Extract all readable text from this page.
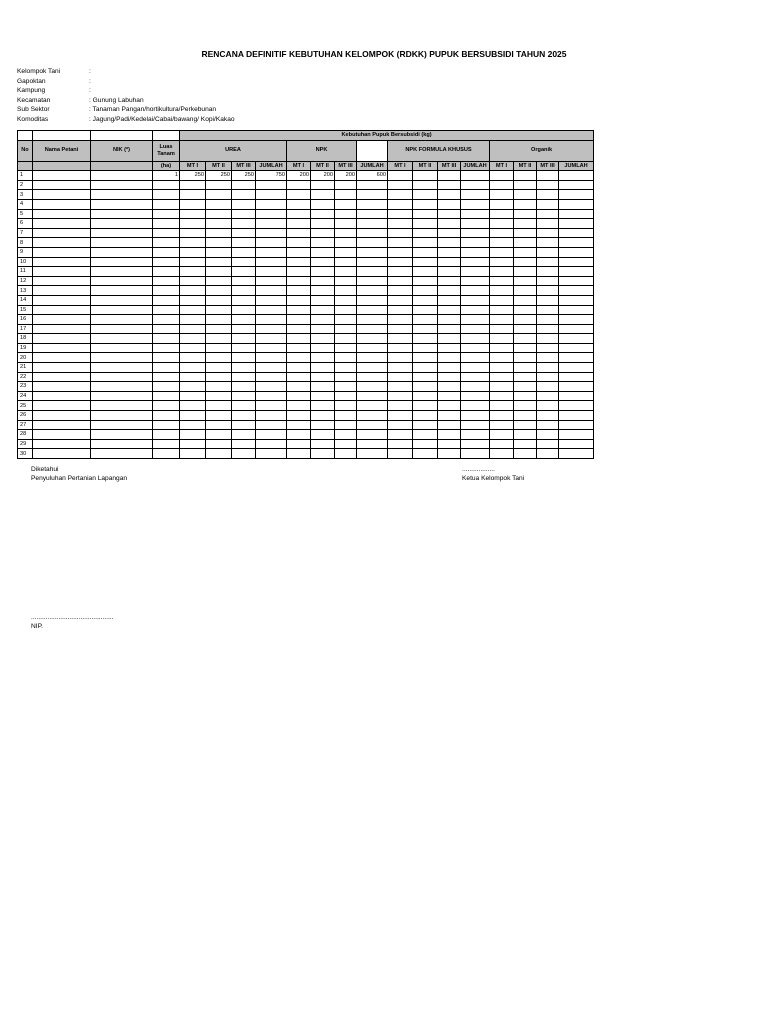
RENCANA DEFINITIF KEBUTUHAN KELOMPOK (RDKK) PUPUK BERSUBSIDI TAHUN 2025
Kelompok Tani	:
Gapoktan	:
Kampung	:
Kecamatan	: Gunung Labuhan
Sub Sektor	: Tanaman Pangan/hortikultura/Perkebunan
Komoditas	: Jagung/Padi/Kedelai/Cabai/bawang/ Kopi/Kakao
				Kebutuhan Pupuk Bersubsidi (kg)															
No	Nama Petani	NIK (*)	Luas Tanam	UREA				NPK				NPK FORMULA KHUSUS				Organik			
			(ha)	MT I	MT II	MT III	JUMLAH	MT I	MT II	MT III	JUMLAH	MT I	MT II	MT III	JUMLAH	MT I	MT II	MT III	JUMLAH
1			1	250	250	250	750	200	200	200	600								
2																			
3																			
4																			
5																			
6																			
7																			
8																			
9																			
10																			
11																			
12																			
13																			
14																			
15																			
16																			
17																			
18																			
19																			
20																			
21																			
22																			
23																			
24																			
25																			
26																			
27																			
28																			
29																			
30																			
Diketahui
Penyuluhan Pertanian Lapangan
..................
Ketua Kelompok Tani
.............................................
NIP.
